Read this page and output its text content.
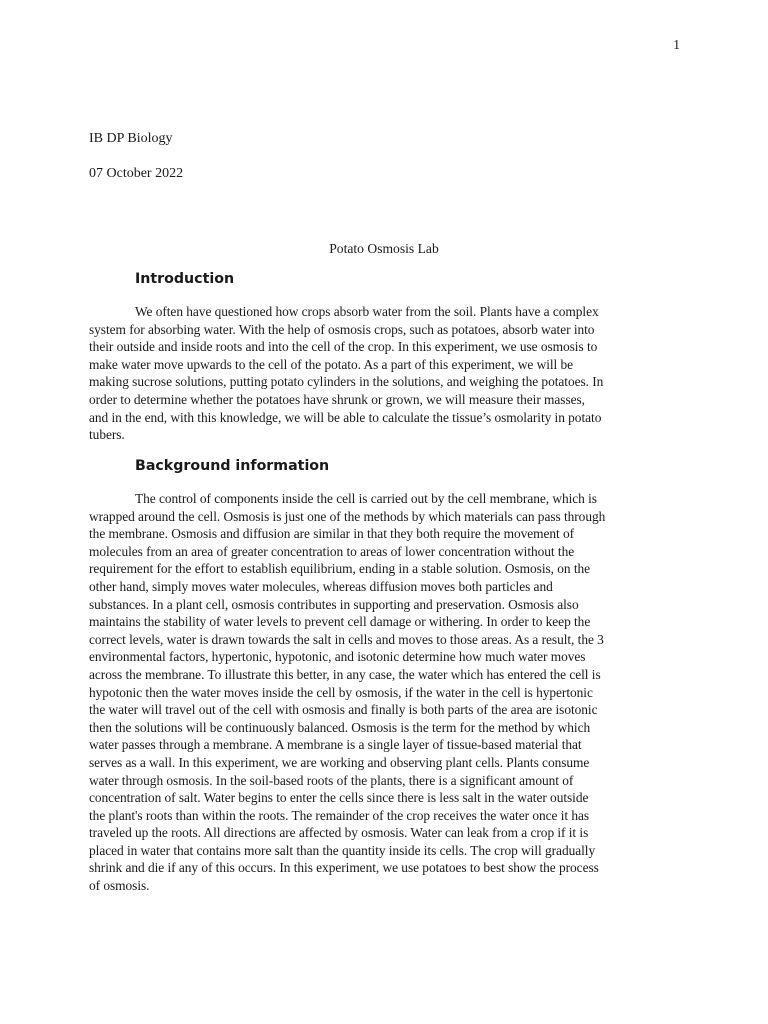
1
IB DP Biology
07 October 2022
Potato Osmosis Lab
Introduction

We often have questioned how crops absorb water from the soil. Plants have a complex
system for absorbing water. With the help of osmosis crops, such as potatoes, absorb water into
their outside and inside roots and into the cell of the crop. In this experiment, we use osmosis to
make water move upwards to the cell of the potato. As a part of this experiment, we will be
making sucrose solutions, putting potato cylinders in the solutions, and weighing the potatoes. In
order to determine whether the potatoes have shrunk or grown, we will measure their masses,
and in the end, with this knowledge, we will be able to calculate the tissue’s osmolarity in potato
tubers.

Background information

The control of components inside the cell is carried out by the cell membrane, which is
wrapped around the cell. Osmosis is just one of the methods by which materials can pass through
the membrane. Osmosis and diffusion are similar in that they both require the movement of
molecules from an area of greater concentration to areas of lower concentration without the
requirement for the effort to establish equilibrium, ending in a stable solution. Osmosis, on the
other hand, simply moves water molecules, whereas diffusion moves both particles and
substances. In a plant cell, osmosis contributes in supporting and preservation. Osmosis also
maintains the stability of water levels to prevent cell damage or withering. In order to keep the
correct levels, water is drawn towards the salt in cells and moves to those areas. As a result, the 3
environmental factors, hypertonic, hypotonic, and isotonic determine how much water moves
across the membrane. To illustrate this better, in any case, the water which has entered the cell is
hypotonic then the water moves inside the cell by osmosis, if the water in the cell is hypertonic
the water will travel out of the cell with osmosis and finally is both parts of the area are isotonic
then the solutions will be continuously balanced. Osmosis is the term for the method by which
water passes through a membrane. A membrane is a single layer of tissue-based material that
serves as a wall. In this experiment, we are working and observing plant cells. Plants consume
water through osmosis. In the soil-based roots of the plants, there is a significant amount of
concentration of salt. Water begins to enter the cells since there is less salt in the water outside
the plant's roots than within the roots. The remainder of the crop receives the water once it has
traveled up the roots. All directions are affected by osmosis. Water can leak from a crop if it is
placed in water that contains more salt than the quantity inside its cells. The crop will gradually
shrink and die if any of this occurs. In this experiment, we use potatoes to best show the process
of osmosis.
